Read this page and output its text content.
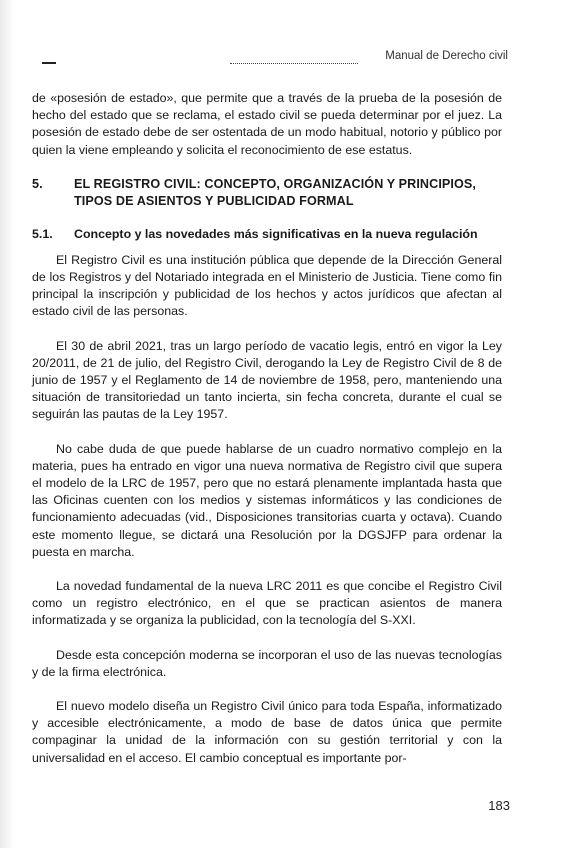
Manual de Derecho civil

de «posesión de estado», que permite que a través de la prueba de la posesión de hecho del estado que se reclama, el estado civil se pueda determinar por el juez. La posesión de estado debe de ser ostentada de un modo habitual, notorio y público por quien la viene empleando y solicita el reconocimiento de ese estatus.

5.	EL REGISTRO CIVIL: CONCEPTO, ORGANIZACIÓN Y PRINCIPIOS, TIPOS DE ASIENTOS Y PUBLICIDAD FORMAL
5.1.	Concepto y las novedades más significativas en la nueva regulación

El Registro Civil es una institución pública que depende de la Dirección General de los Registros y del Notariado integrada en el Ministerio de Justicia. Tiene como fin principal la inscripción y publicidad de los hechos y actos jurídicos que afectan al estado civil de las personas.

El 30 de abril 2021, tras un largo período de vacatio legis, entró en vigor la Ley 20/2011, de 21 de julio, del Registro Civil, derogando la Ley de Registro Civil de 8 de junio de 1957 y el Reglamento de 14 de noviembre de 1958, pero, manteniendo una situación de transitoriedad un tanto incierta, sin fecha concreta, durante el cual se seguirán las pautas de la Ley 1957.

No cabe duda de que puede hablarse de un cuadro normativo complejo en la materia, pues ha entrado en vigor una nueva normativa de Registro civil que supera el modelo de la LRC de 1957, pero que no estará plenamente implantada hasta que las Oficinas cuenten con los medios y sistemas informáticos y las condiciones de funcionamiento adecuadas (vid., Disposiciones transitorias cuarta y octava). Cuando este momento llegue, se dictará una Resolución por la DGSJFP para ordenar la puesta en marcha.

La novedad fundamental de la nueva LRC 2011 es que concibe el Registro Civil como un registro electrónico, en el que se practican asientos de manera informatizada y se organiza la publicidad, con la tecnología del S-XXI.

Desde esta concepción moderna se incorporan el uso de las nuevas tecnologías y de la firma electrónica.

El nuevo modelo diseña un Registro Civil único para toda España, informatizado y accesible electrónicamente, a modo de base de datos única que permite compaginar la unidad de la información con su gestión territorial y con la universalidad en el acceso. El cambio conceptual es importante por-

183
